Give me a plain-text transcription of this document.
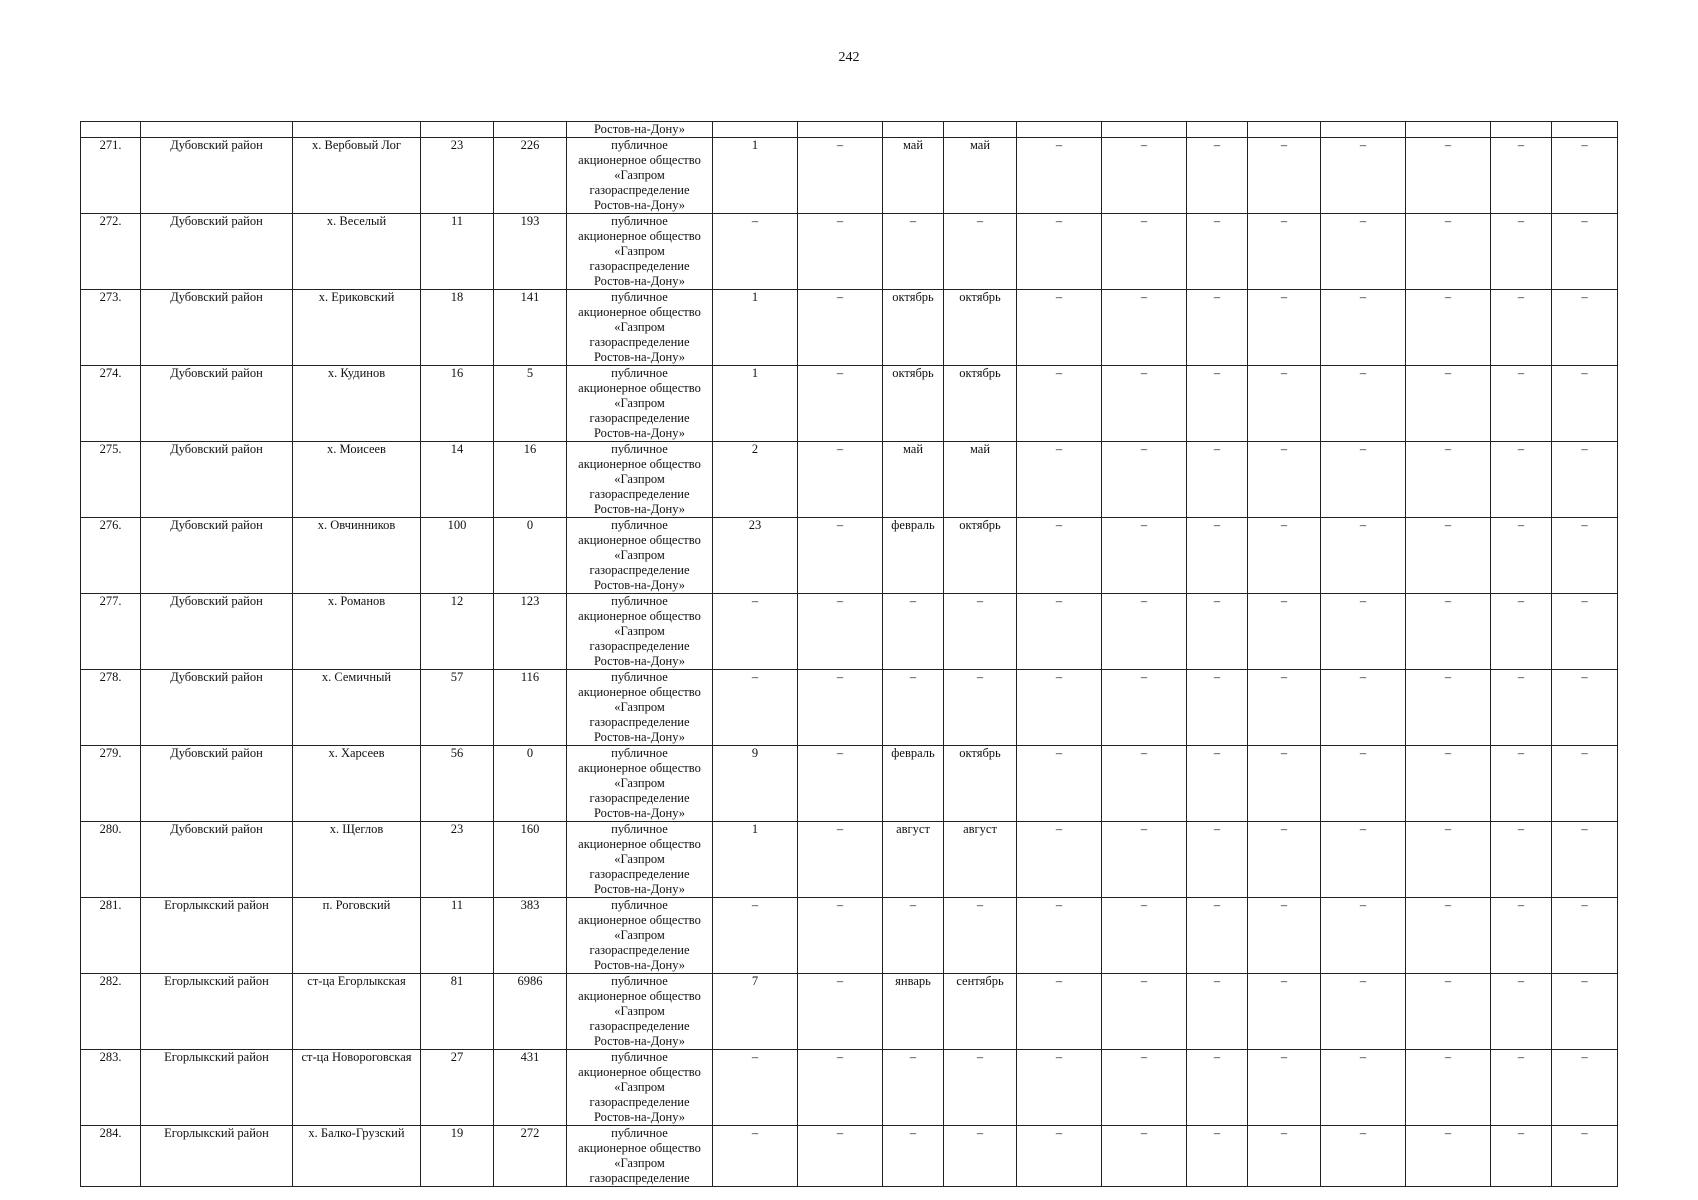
242
					Ростов-на-Дону»												
271.	Дубовский район	х. Вербовый Лог	23	226	публичное
акционерное общество
«Газпром
газораспределение
Ростов-на-Дону»	1	–	май	май	–	–	–	–	–	–	–	–
272.	Дубовский район	х. Веселый	11	193	публичное
акционерное общество
«Газпром
газораспределение
Ростов-на-Дону»	–	–	–	–	–	–	–	–	–	–	–	–
273.	Дубовский район	х. Ериковский	18	141	публичное
акционерное общество
«Газпром
газораспределение
Ростов-на-Дону»	1	–	октябрь	октябрь	–	–	–	–	–	–	–	–
274.	Дубовский район	х. Кудинов	16	5	публичное
акционерное общество
«Газпром
газораспределение
Ростов-на-Дону»	1	–	октябрь	октябрь	–	–	–	–	–	–	–	–
275.	Дубовский район	х. Моисеев	14	16	публичное
акционерное общество
«Газпром
газораспределение
Ростов-на-Дону»	2	–	май	май	–	–	–	–	–	–	–	–
276.	Дубовский район	х. Овчинников	100	0	публичное
акционерное общество
«Газпром
газораспределение
Ростов-на-Дону»	23	–	февраль	октябрь	–	–	–	–	–	–	–	–
277.	Дубовский район	х. Романов	12	123	публичное
акционерное общество
«Газпром
газораспределение
Ростов-на-Дону»	–	–	–	–	–	–	–	–	–	–	–	–
278.	Дубовский район	х. Семичный	57	116	публичное
акционерное общество
«Газпром
газораспределение
Ростов-на-Дону»	–	–	–	–	–	–	–	–	–	–	–	–
279.	Дубовский район	х. Харсеев	56	0	публичное
акционерное общество
«Газпром
газораспределение
Ростов-на-Дону»	9	–	февраль	октябрь	–	–	–	–	–	–	–	–
280.	Дубовский район	х. Щеглов	23	160	публичное
акционерное общество
«Газпром
газораспределение
Ростов-на-Дону»	1	–	август	август	–	–	–	–	–	–	–	–
281.	Егорлыкский район	п. Роговский	11	383	публичное
акционерное общество
«Газпром
газораспределение
Ростов-на-Дону»	–	–	–	–	–	–	–	–	–	–	–	–
282.	Егорлыкский район	ст-ца Егорлыкская	81	6986	публичное
акционерное общество
«Газпром
газораспределение
Ростов-на-Дону»	7	–	январь	сентябрь	–	–	–	–	–	–	–	–
283.	Егорлыкский район	ст-ца Новороговская	27	431	публичное
акционерное общество
«Газпром
газораспределение
Ростов-на-Дону»	–	–	–	–	–	–	–	–	–	–	–	–
284.	Егорлыкский район	х. Балко-Грузский	19	272	публичное
акционерное общество
«Газпром
газораспределение	–	–	–	–	–	–	–	–	–	–	–	–
